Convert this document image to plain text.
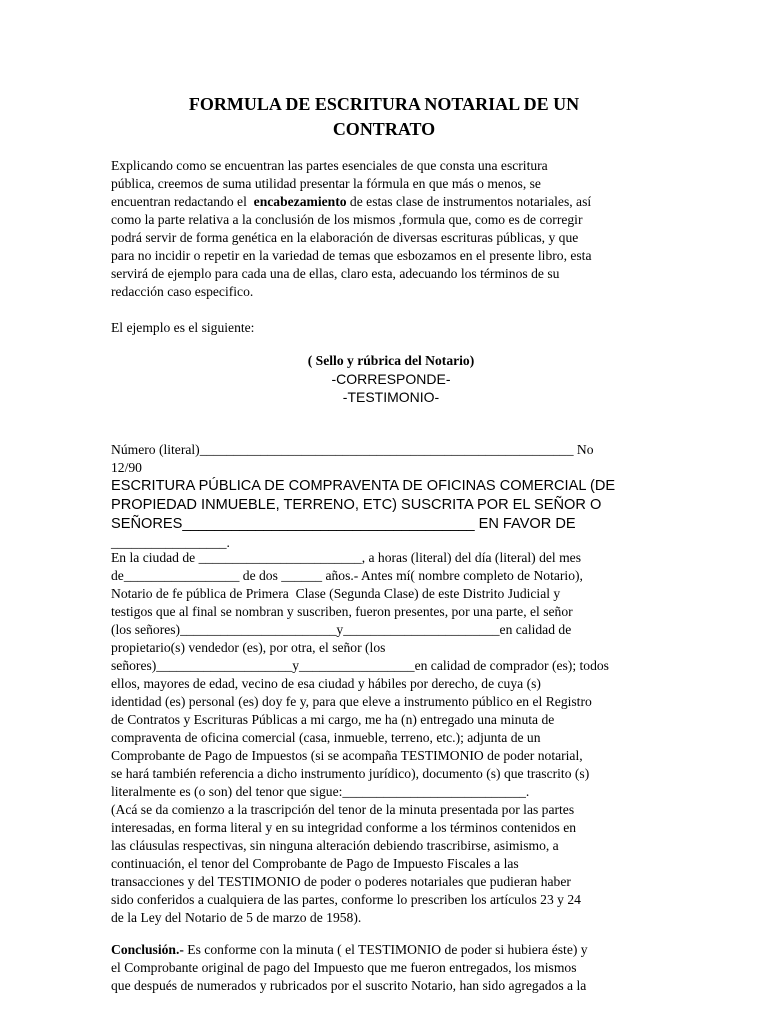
FORMULA DE ESCRITURA NOTARIAL DE UN
CONTRATO
Explicando como se encuentran las partes esenciales de que consta una escritura
pública, creemos de suma utilidad presentar la fórmula en que más o menos, se
encuentran redactando el  encabezamiento de estas clase de instrumentos notariales, así
como la parte relativa a la conclusión de los mismos ,formula que, como es de corregir
podrá servir de forma genética en la elaboración de diversas escrituras públicas, y que
para no incidir o repetir en la variedad de temas que esbozamos en el presente libro, esta
servirá de ejemplo para cada una de ellas, claro esta, adecuando los términos de su
redacción caso especifico.
El ejemplo es el siguiente:
( Sello y rúbrica del Notario)
-CORRESPONDE-
-TESTIMONIO-
Número (literal)_______________________________________________________ No
12/90
ESCRITURA PÚBLICA DE COMPRAVENTA DE OFICINAS COMERCIAL (DE
PROPIEDAD INMUEBLE, TERRENO, ETC) SUSCRITA POR EL SEÑOR O
SEÑORES____________________________________ EN FAVOR DE
_________________.
En la ciudad de ________________________, a horas (literal) del día (literal) del mes
de_________________ de dos ______ años.- Antes mí( nombre completo de Notario),
Notario de fe pública de Primera  Clase (Segunda Clase) de este Distrito Judicial y
testigos que al final se nombran y suscriben, fueron presentes, por una parte, el señor
(los señores)_______________________y_______________________en calidad de
propietario(s) vendedor (es), por otra, el señor (los
señores)____________________y_________________en calidad de comprador (es); todos
ellos, mayores de edad, vecino de esa ciudad y hábiles por derecho, de cuya (s)
identidad (es) personal (es) doy fe y, para que eleve a instrumento público en el Registro
de Contratos y Escrituras Públicas a mi cargo, me ha (n) entregado una minuta de
compraventa de oficina comercial (casa, inmueble, terreno, etc.); adjunta de un
Comprobante de Pago de Impuestos (si se acompaña TESTIMONIO de poder notarial,
se hará también referencia a dicho instrumento jurídico), documento (s) que trascrito (s)
literalmente es (o son) del tenor que sigue:___________________________.
(Acá se da comienzo a la trascripción del tenor de la minuta presentada por las partes
interesadas, en forma literal y en su integridad conforme a los términos contenidos en
las cláusulas respectivas, sin ninguna alteración debiendo trascribirse, asimismo, a
continuación, el tenor del Comprobante de Pago de Impuesto Fiscales a las
transacciones y del TESTIMONIO de poder o poderes notariales que pudieran haber
sido conferidos a cualquiera de las partes, conforme lo prescriben los artículos 23 y 24
de la Ley del Notario de 5 de marzo de 1958).
Conclusión.- Es conforme con la minuta ( el TESTIMONIO de poder si hubiera éste) y
el Comprobante original de pago del Impuesto que me fueron entregados, los mismos
que después de numerados y rubricados por el suscrito Notario, han sido agregados a la
